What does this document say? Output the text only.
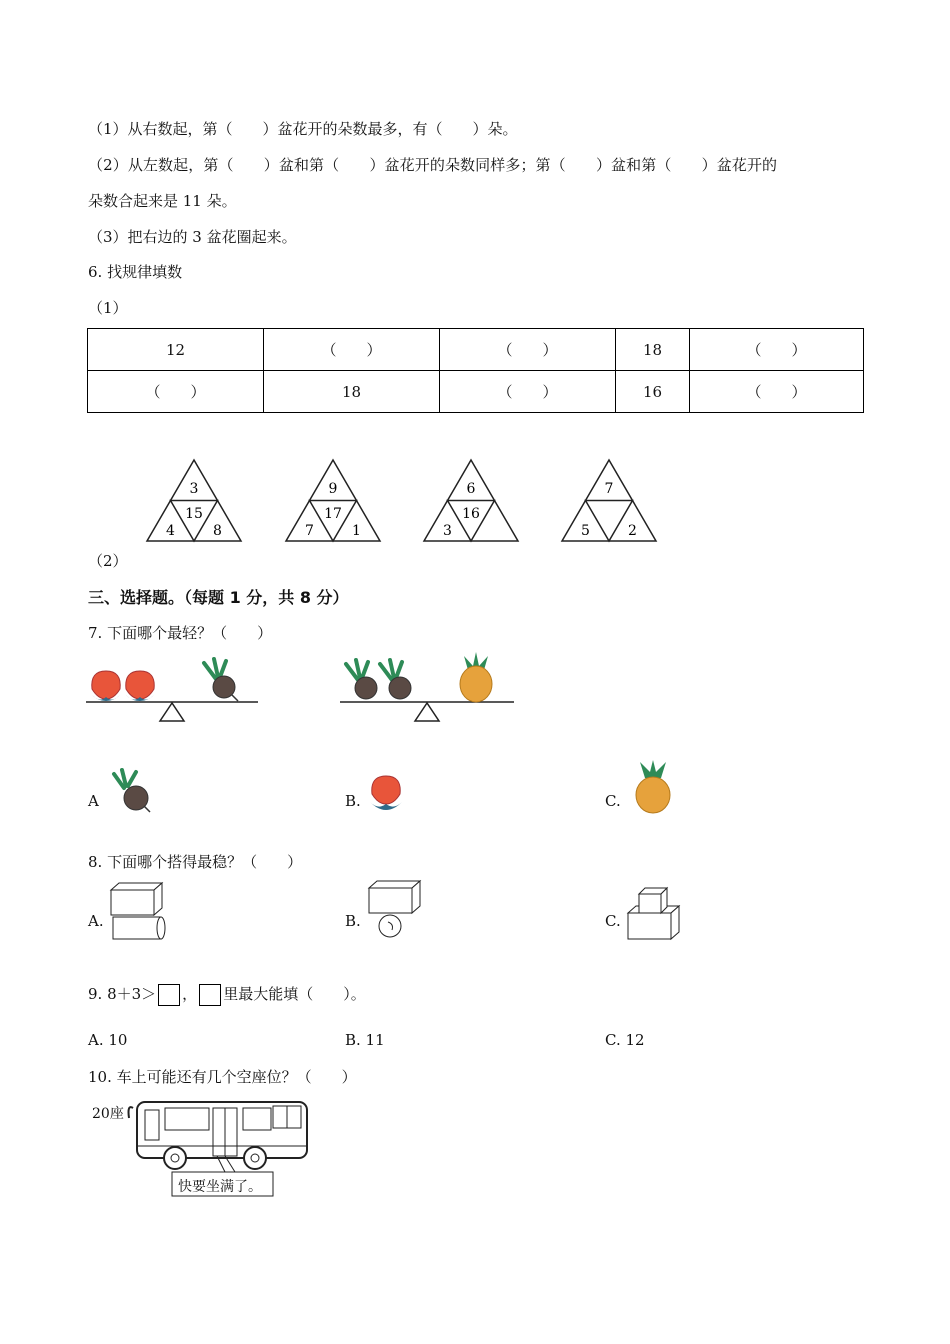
（1）从右数起，第（　　）盆花开的朵数最多，有（　　）朵。
（2）从左数起，第（　　）盆和第（　　）盆花开的朵数同样多；第（　　）盆和第（　　）盆花开的
朵数合起来是 11 朵。
（3）把右边的 3 盆花圈起来。
6. 找规律填数
（1）
12	（　　）	（　　）	18	（　　）
（　　）	18	（　　）	16	（　　）
3
15
4	8
9
17
7	1
6
16
3
7
5	2
（2）
三、选择题。（每题 1 分，共 8 分）
7. 下面哪个最轻？（　　）
A	B.	C.
8. 下面哪个搭得最稳？（　　）
A.	B.	C.
9. 8＋3＞ ， 里最大能填（　　）。
A. 10	B. 11	C. 12
10. 车上可能还有几个空座位？（　　）
20座
快要坐满了。
